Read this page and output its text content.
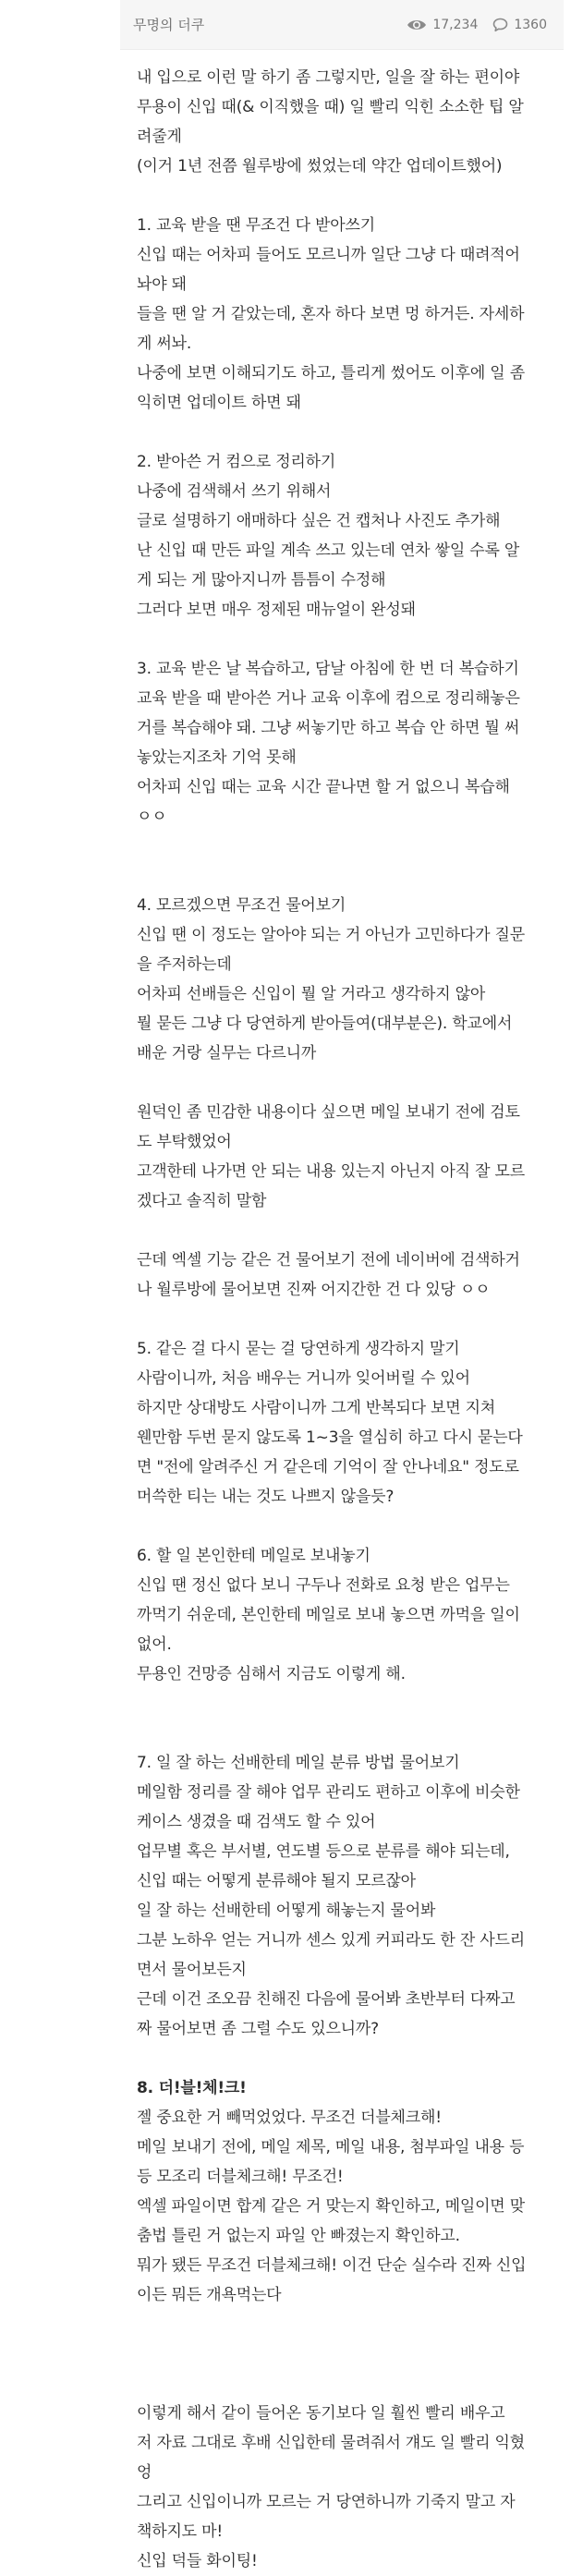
무명의 더쿠	17,234	1360
내 입으로 이런 말 하기 좀 그렇지만, 일을 잘 하는 편이야
무용이 신입 때(& 이직했을 때) 일 빨리 익힌 소소한 팁 알
려줄게
(이거 1년 전쯤 월루방에 썼었는데 약간 업데이트했어)
1. 교육 받을 땐 무조건 다 받아쓰기
신입 때는 어차피 들어도 모르니까 일단 그냥 다 때려적어
놔야 돼
들을 땐 알 거 같았는데, 혼자 하다 보면 멍 하거든. 자세하
게 써놔.
나중에 보면 이해되기도 하고, 틀리게 썼어도 이후에 일 좀
익히면 업데이트 하면 돼
2. 받아쓴 거 컴으로 정리하기
나중에 검색해서 쓰기 위해서
글로 설명하기 애매하다 싶은 건 캡처나 사진도 추가해
난 신입 때 만든 파일 계속 쓰고 있는데 연차 쌓일 수록 알
게 되는 게 많아지니까 틈틈이 수정해
그러다 보면 매우 정제된 매뉴얼이 완성돼
3. 교육 받은 날 복습하고, 담날 아침에 한 번 더 복습하기
교육 받을 때 받아쓴 거나 교육 이후에 컴으로 정리해놓은
거를 복습해야 돼. 그냥 써놓기만 하고 복습 안 하면 뭘 써
놓았는지조차 기억 못해
어차피 신입 때는 교육 시간 끝나면 할 거 없으니 복습해
ㅇㅇ
4. 모르겠으면 무조건 물어보기
신입 땐 이 정도는 알아야 되는 거 아닌가 고민하다가 질문
을 주저하는데
어차피 선배들은 신입이 뭘 알 거라고 생각하지 않아
뭘 묻든 그냥 다 당연하게 받아들여(대부분은). 학교에서
배운 거랑 실무는 다르니까
원덕인 좀 민감한 내용이다 싶으면 메일 보내기 전에 검토
도 부탁했었어
고객한테 나가면 안 되는 내용 있는지 아닌지 아직 잘 모르
겠다고 솔직히 말함
근데 엑셀 기능 같은 건 물어보기 전에 네이버에 검색하거
나 월루방에 물어보면 진짜 어지간한 건 다 있당 ㅇㅇ
5. 같은 걸 다시 묻는 걸 당연하게 생각하지 말기
사람이니까, 처음 배우는 거니까 잊어버릴 수 있어
하지만 상대방도 사람이니까 그게 반복되다 보면 지쳐
웬만함 두번 묻지 않도록 1~3을 열심히 하고 다시 묻는다
면 "전에 알려주신 거 같은데 기억이 잘 안나네요" 정도로
머쓱한 티는 내는 것도 나쁘지 않을듯?
6. 할 일 본인한테 메일로 보내놓기
신입 땐 정신 없다 보니 구두나 전화로 요청 받은 업무는
까먹기 쉬운데, 본인한테 메일로 보내 놓으면 까먹을 일이
없어.
무용인 건망증 심해서 지금도 이렇게 해.
7. 일 잘 하는 선배한테 메일 분류 방법 물어보기
메일함 정리를 잘 해야 업무 관리도 편하고 이후에 비슷한
케이스 생겼을 때 검색도 할 수 있어
업무별 혹은 부서별, 연도별 등으로 분류를 해야 되는데,
신입 때는 어떻게 분류해야 될지 모르잖아
일 잘 하는 선배한테 어떻게 해놓는지 물어봐
그분 노하우 얻는 거니까 센스 있게 커피라도 한 잔 사드리
면서 물어보든지
근데 이건 조오끔 친해진 다음에 물어봐 초반부터 다짜고
짜 물어보면 좀 그럴 수도 있으니까?
8. 더!블!체!크!
젤 중요한 거 빼먹었었다. 무조건 더블체크해!
메일 보내기 전에, 메일 제목, 메일 내용, 첨부파일 내용 등
등 모조리 더블체크해! 무조건!
엑셀 파일이면 합계 같은 거 맞는지 확인하고, 메일이면 맞
춤법 틀린 거 없는지 파일 안 빠졌는지 확인하고.
뭐가 됐든 무조건 더블체크해! 이건 단순 실수라 진짜 신입
이든 뭐든 개욕먹는다
이렇게 해서 같이 들어온 동기보다 일 훨씬 빨리 배우고
저 자료 그대로 후배 신입한테 물려줘서 걔도 일 빨리 익혔
엉
그리고 신입이니까 모르는 거 당연하니까 기죽지 말고 자
책하지도 마!
신입 덕들 화이팅!
